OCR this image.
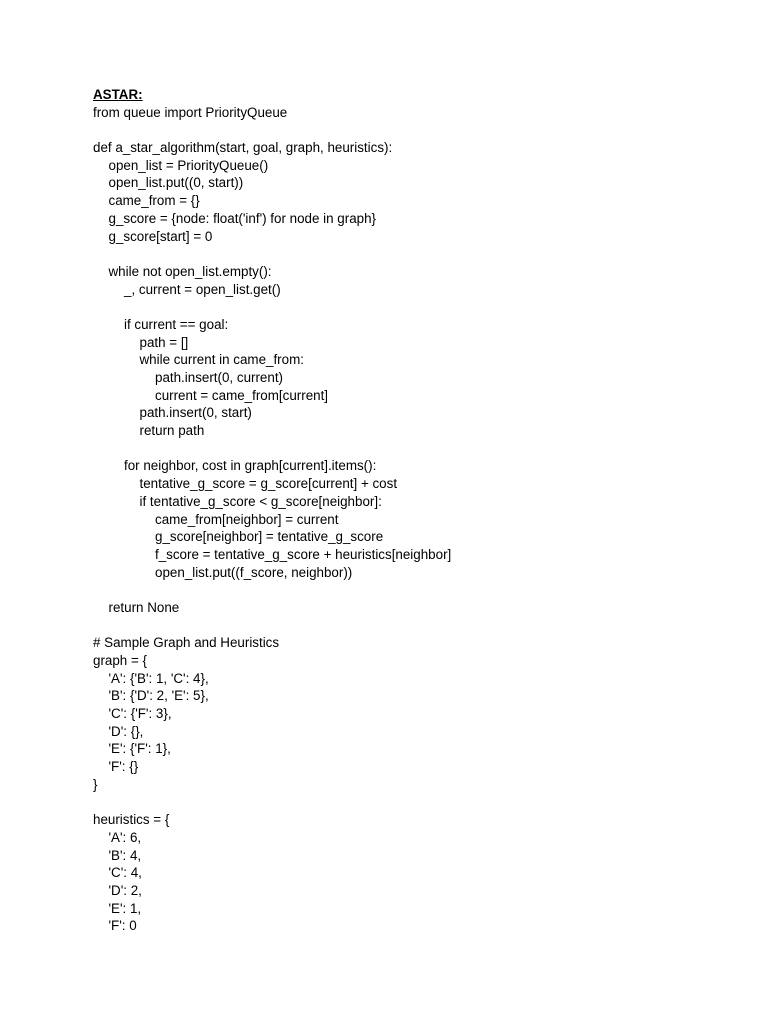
ASTAR:
from queue import PriorityQueue
def a_star_algorithm(start, goal, graph, heuristics):
open_list = PriorityQueue()
open_list.put((0, start))
came_from = {}
g_score = {node: float('inf') for node in graph}
g_score[start] = 0
while not open_list.empty():
_, current = open_list.get()
if current == goal:
path = []
while current in came_from:
path.insert(0, current)
current = came_from[current]
path.insert(0, start)
return path
for neighbor, cost in graph[current].items():
tentative_g_score = g_score[current] + cost
if tentative_g_score < g_score[neighbor]:
came_from[neighbor] = current
g_score[neighbor] = tentative_g_score
f_score = tentative_g_score + heuristics[neighbor]
open_list.put((f_score, neighbor))
return None
# Sample Graph and Heuristics
graph = {
'A': {'B': 1, 'C': 4},
'B': {'D': 2, 'E': 5},
'C': {'F': 3},
'D': {},
'E': {'F': 1},
'F': {}
}
heuristics = {
'A': 6,
'B': 4,
'C': 4,
'D': 2,
'E': 1,
'F': 0
